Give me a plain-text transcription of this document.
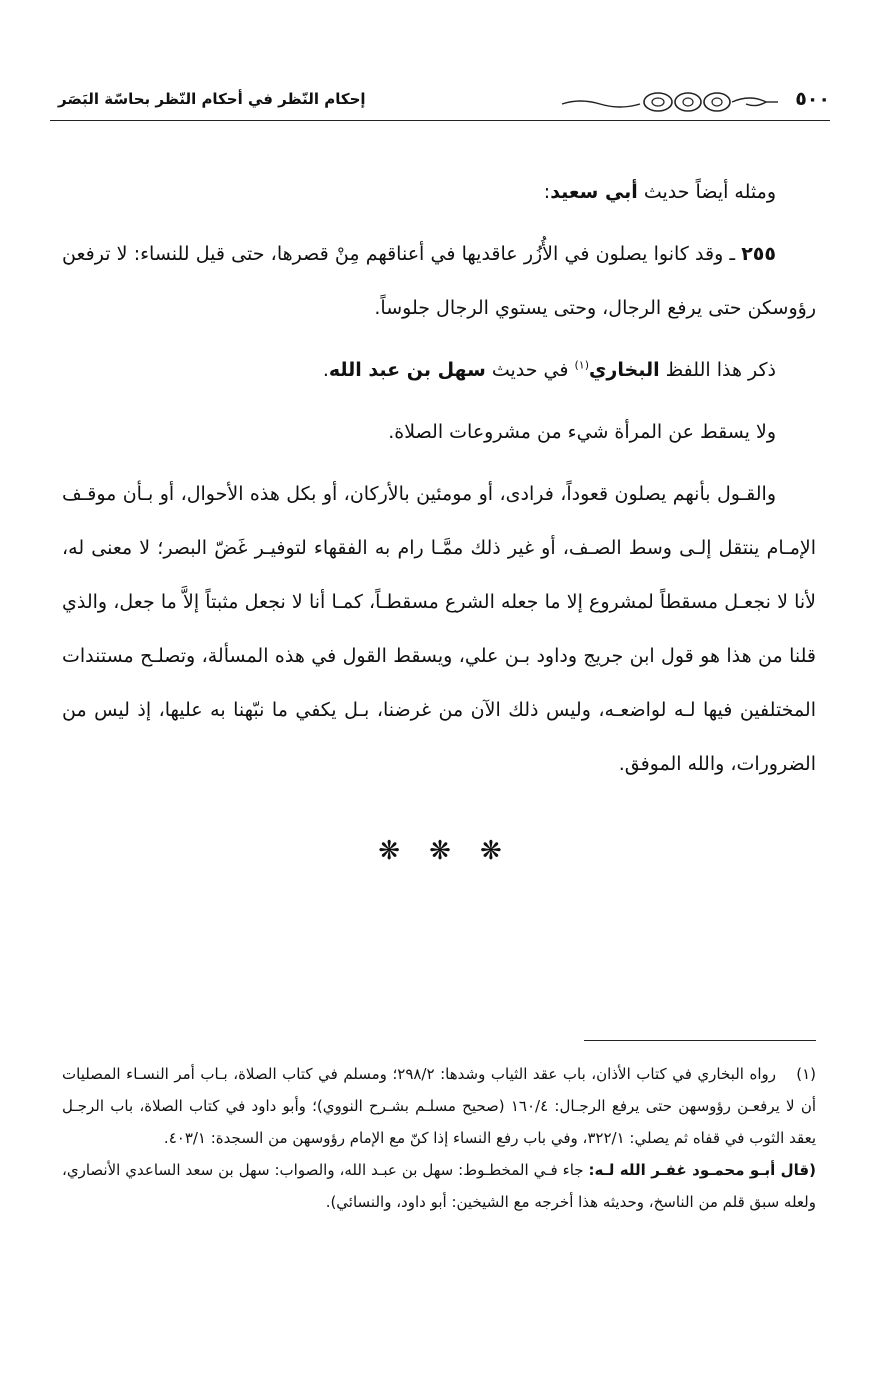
٥٠٠
إحكام النّظر في أحكام النّظر بحاسّة البَصَر

ومثله أيضاً حديث أبي سعيد:

٢٥٥ ـ وقد كانوا يصلون في الأُزُر عاقديها في أعناقهم مِنْ قصرها، حتى قيل للنساء: لا ترفعن رؤوسكن حتى يرفع الرجال، وحتى يستوي الرجال جلوساً.

ذكر هذا اللفظ البخاري$^{(١)}$ في حديث سهل بن عبد الله.

ولا يسقط عن المرأة شيء من مشروعات الصلاة.

والقـول بأنهم يصلون قعوداً، فرادى، أو مومئين بالأركان، أو بكل هذه الأحوال، أو بـأن موقـف الإمـام ينتقل إلـى وسط الصـف، أو غير ذلك ممَّـا رام به الفقهاء لتوفيـر غَضّ البصر؛ لا معنى له، لأنا لا نجعـل مسقطاً لمشروع إلا ما جعله الشرع مسقطـاً، كمـا أنا لا نجعل مثبتاً إلاَّ ما جعل، والذي قلنا من هذا هو قول ابن جريج وداود بـن علي، ويسقط القول في هذه المسألة، وتصلـح مستندات المختلفين فيها لـه لواضعـه، وليس ذلك الآن من غرضنا، بـل يكفي ما نبّهنا به عليها، إذ ليس من الضرورات، والله الموفق.

❋ ❋ ❋

(١)رواه البخاري في كتاب الأذان، باب عقد الثياب وشدها: ٢٩٨/٢؛ ومسلم في كتاب الصلاة، بـاب أمر النسـاء المصليات أن لا يرفعـن رؤوسهن حتى يرفع الرجـال: ١٦٠/٤ (صحيح مسلـم بشـرح النووي)؛ وأبو داود في كتاب الصلاة، باب الرجـل يعقد الثوب في قفاه ثم يصلي: ٣٢٢/١، وفي باب رفع النساء إذا كنّ مع الإمام رؤوسهن من السجدة: ٤٠٣/١.

(قال أبـو محمـود غفـر الله لـه: جاء فـي المخطـوط: سهل بن عبـد الله، والصواب: سهل بن سعد الساعدي الأنصاري، ولعله سبق قلم من الناسخ، وحديثه هذا أخرجه مع الشيخين: أبو داود، والنسائي).
